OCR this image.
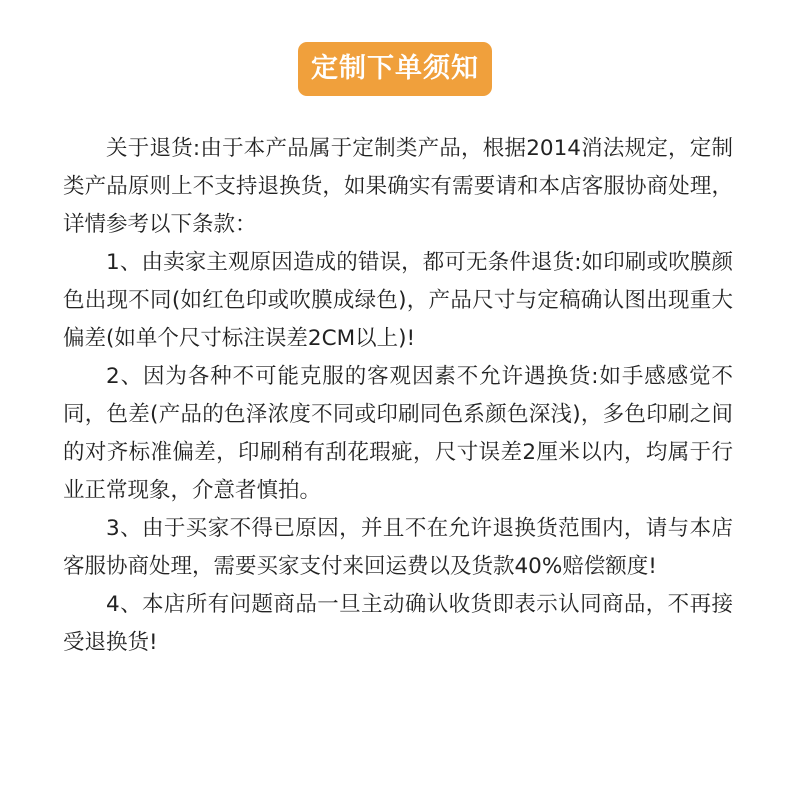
定制下单须知

关于退货:由于本产品属于定制类产品，根据2014消法规定，定制类产品原则上不支持退换货，如果确实有需要请和本店客服协商处理，详情参考以下条款：

1、由卖家主观原因造成的错误，都可无条件退货:如印刷或吹膜颜色出现不同(如红色印或吹膜成绿色)，产品尺寸与定稿确认图出现重大偏差(如单个尺寸标注误差2CM以上)!

2、因为各种不可能克服的客观因素不允许遇换货:如手感感觉不同，色差(产品的色泽浓度不同或印刷同色系颜色深浅)，多色印刷之间的对齐标准偏差，印刷稍有刮花瑕疵，尺寸误差2厘米以内，均属于行业正常现象，介意者慎拍。

3、由于买家不得已原因，并且不在允许退换货范围内，请与本店客服协商处理，需要买家支付来回运费以及货款40%赔偿额度!

4、本店所有问题商品一旦主动确认收货即表示认同商品，不再接受退换货!
